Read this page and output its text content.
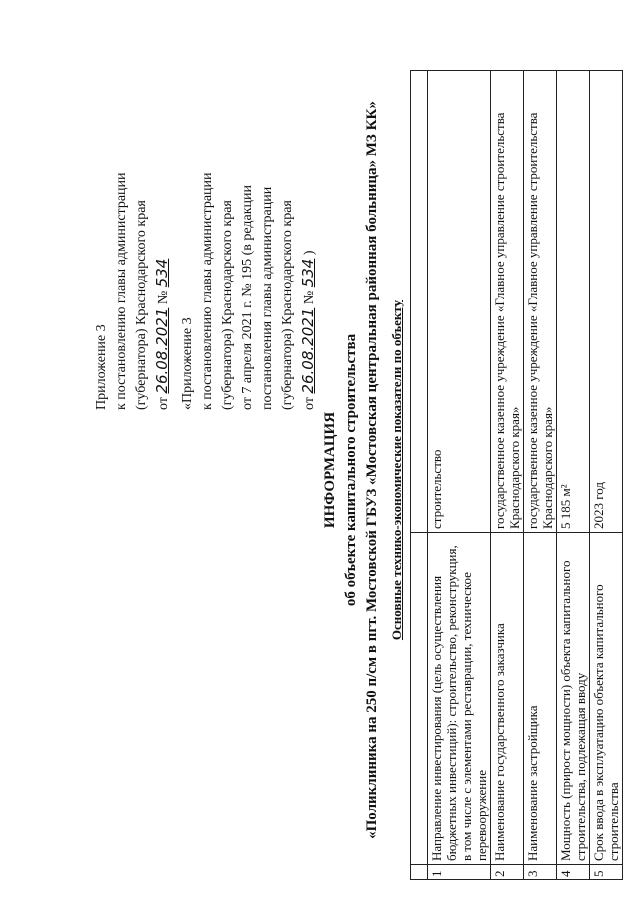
Приложение 3 к постановлению главы администрации (губернатора) Краснодарского края от 26.08.2021 № 534
«Приложение 3 к постановлению главы администрации (губернатора) Краснодарского края от 7 апреля 2021 г. № 195 (в редакции постановления главы администрации (губернатора) Краснодарского края от 26.08.2021 № 534 )
ИНФОРМАЦИЯ об объекте капитального строительства «Поликлиника на 250 п/см в пгт. Мостовской ГБУЗ «Мостовская центральная районная больница» МЗ КК» Основные технико-экономические показатели по объекту

1	Направление инвестирования (цель осуществления бюджетных инвестиций): строительство, реконструкция, в том числе с элементами реставрации, техническое перевооружение	строительство
2	Наименование государственного заказчика	государственное казенное учреждение «Главное управление строительства Краснодарского края»
3	Наименование застройщика	государственное казенное учреждение «Главное управление строительства Краснодарского края»
4	Мощность (прирост мощности) объекта капитального строительства, подлежащая вводу	5 185 м²
5	Срок ввода в эксплуатацию объекта капитального строительства	2023 год
